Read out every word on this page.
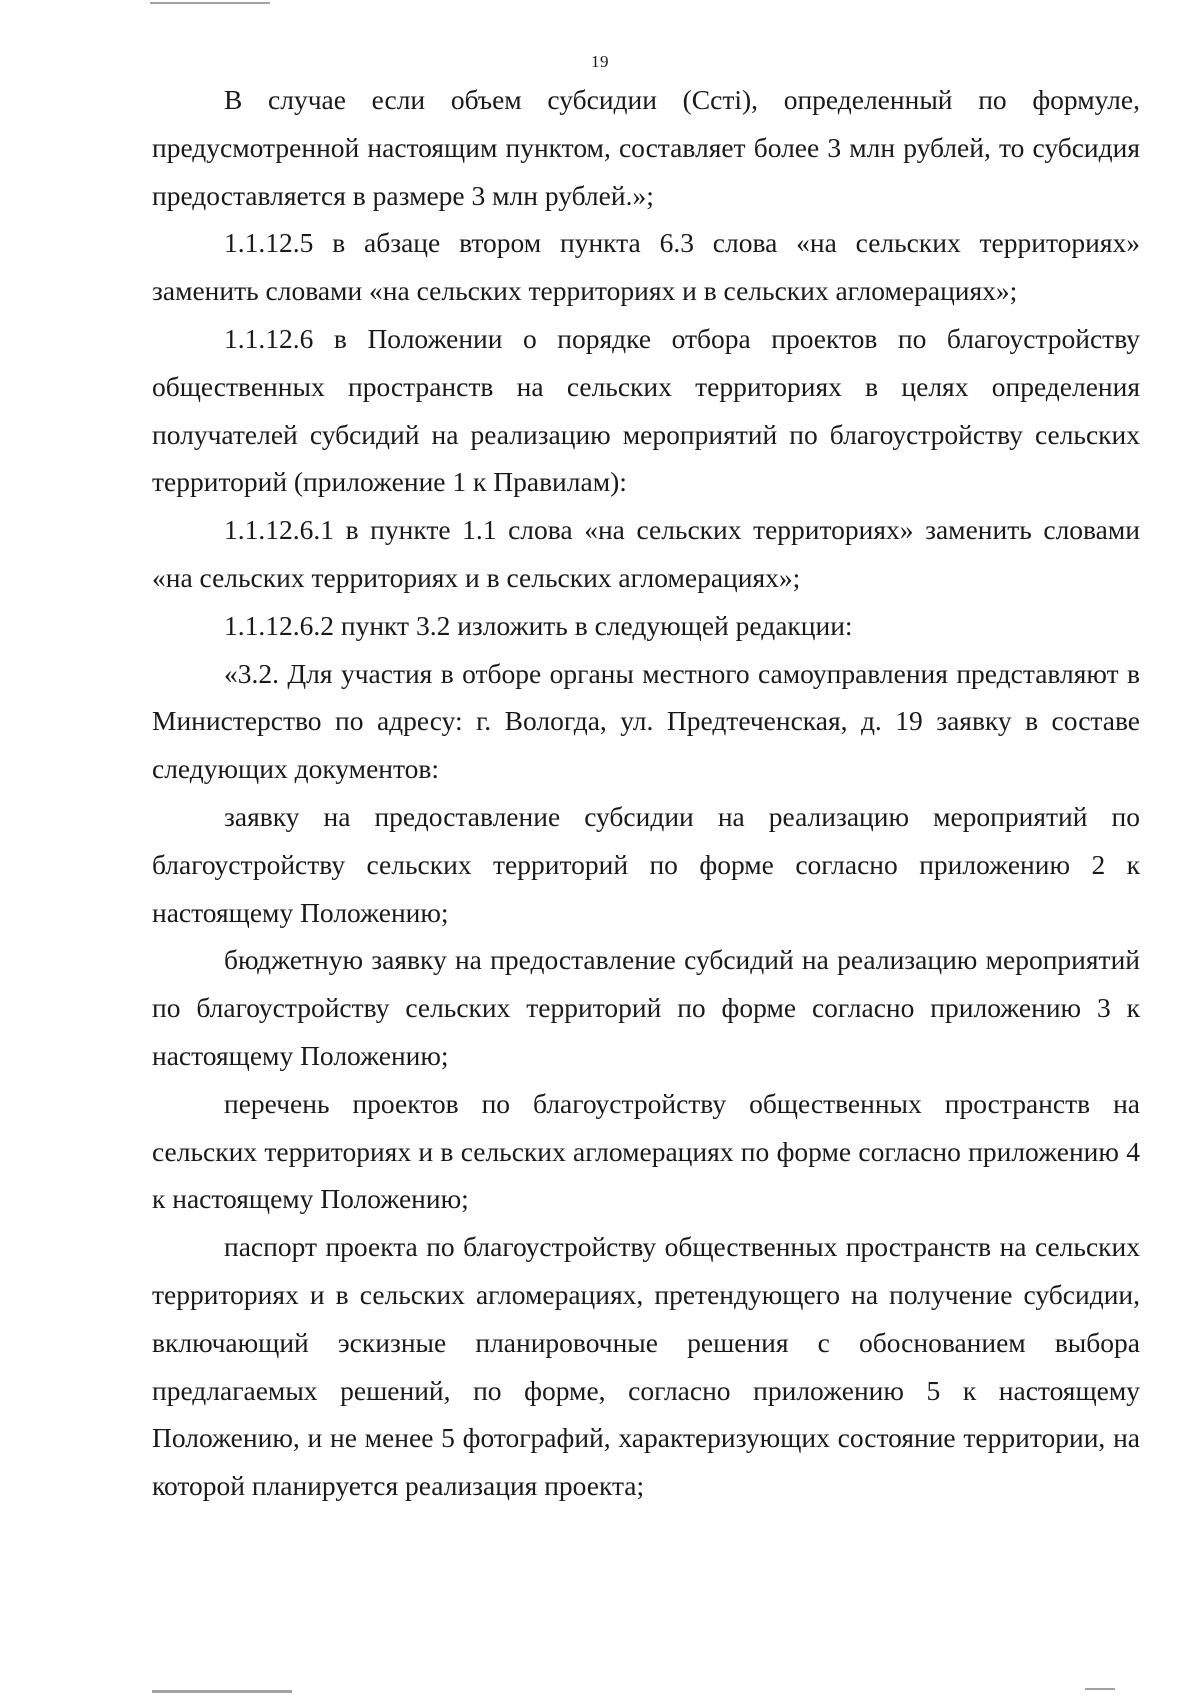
19

В случае если объем субсидии (Ccтi), определенный по формуле, предусмотренной настоящим пунктом, составляет более 3 млн рублей, то субсидия предоставляется в размере 3 млн рублей.»;

1.1.12.5 в абзаце втором пункта 6.3 слова «на сельских территориях» заменить словами «на сельских территориях и в сельских агломерациях»;

1.1.12.6 в Положении о порядке отбора проектов по благоустройству общественных пространств на сельских территориях в целях определения получателей субсидий на реализацию мероприятий по благоустройству сельских территорий (приложение 1 к Правилам):

1.1.12.6.1 в пункте 1.1 слова «на сельских территориях» заменить словами «на сельских территориях и в сельских агломерациях»;

1.1.12.6.2 пункт 3.2 изложить в следующей редакции:

«3.2. Для участия в отборе органы местного самоуправления представляют в Министерство по адресу: г. Вологда, ул. Предтеченская, д. 19 заявку в составе следующих документов:

заявку на предоставление субсидии на реализацию мероприятий по благоустройству сельских территорий по форме согласно приложению 2 к настоящему Положению;

бюджетную заявку на предоставление субсидий на реализацию мероприятий по благоустройству сельских территорий по форме согласно приложению 3 к настоящему Положению;

перечень проектов по благоустройству общественных пространств на сельских территориях и в сельских агломерациях по форме согласно приложению 4 к настоящему Положению;

паспорт проекта по благоустройству общественных пространств на сельских территориях и в сельских агломерациях, претендующего на получение субсидии, включающий эскизные планировочные решения с обоснованием выбора предлагаемых решений, по форме, согласно приложению 5 к настоящему Положению, и не менее 5 фотографий, характеризующих состояние территории, на которой планируется реализация проекта;
